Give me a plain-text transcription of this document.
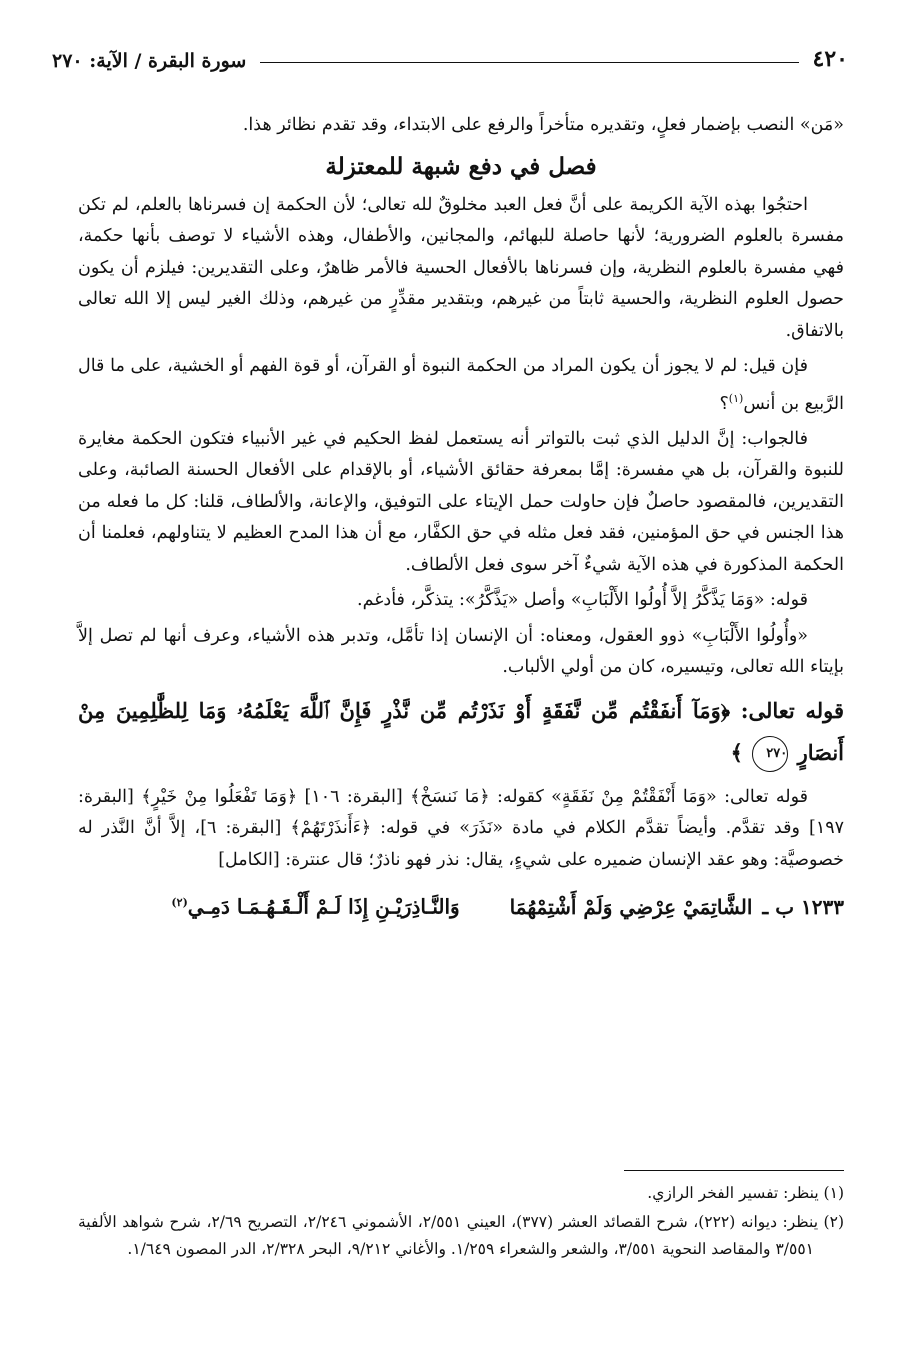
٤٢٠
سورة البقرة / الآية: ٢٧٠

«مَن» النصب بإضمار فعلٍ، وتقديره متأخراً والرفع على الابتداء، وقد تقدم نظائر هذا.

فصل في دفع شبهة للمعتزلة

احتجُوا بهذه الآية الكريمة على أنَّ فعل العبد مخلوقٌ لله تعالى؛ لأن الحكمة إن فسرناها بالعلم، لم تكن مفسرة بالعلوم الضرورية؛ لأنها حاصلة للبهائم، والمجانين، والأطفال، وهذه الأشياء لا توصف بأنها حكمة، فهي مفسرة بالعلوم النظرية، وإن فسرناها بالأفعال الحسية فالأمر ظاهرٌ، وعلى التقديرين: فيلزم أن يكون حصول العلوم النظرية، والحسية ثابتاً من غيرهم، وبتقدير مقدِّرٍ من غيرهم، وذلك الغير ليس إلا الله تعالى بالاتفاق.

فإن قيل: لم لا يجوز أن يكون المراد من الحكمة النبوة أو القرآن، أو قوة الفهم أو الخشية، على ما قال الرَّبيع بن أنس$^{(١)}$؟

فالجواب: إنَّ الدليل الذي ثبت بالتواتر أنه يستعمل لفظ الحكيم في غير الأنبياء فتكون الحكمة مغايرة للنبوة والقرآن، بل هي مفسرة: إمَّا بمعرفة حقائق الأشياء، أو بالإقدام على الأفعال الحسنة الصائبة، وعلى التقديرين، فالمقصود حاصلٌ فإن حاولت حمل الإيتاء على التوفيق، والإعانة، والألطاف، قلنا: كل ما فعله من هذا الجنس في حق المؤمنين، فقد فعل مثله في حق الكفَّار، مع أن هذا المدح العظيم لا يتناولهم، فعلمنا أن الحكمة المذكورة في هذه الآية شيءٌ آخر سوى فعل الألطاف.

قوله: «وَمَا يَذَّكَّرُ إلاَّ أُولُوا الأَلْبَابِ» وأصل «يَذَّكَّرُ»: يتذكَّر، فأدغم.

«وأُولُوا الأَلْبَابِ» ذوو العقول، ومعناه: أن الإنسان إذا تأمَّل، وتدبر هذه الأشياء، وعرف أنها لم تصل إلاَّ بإيتاء الله تعالى، وتيسيره، كان من أولي الألباب.

قوله تعالى: ﴿وَمَآ أَنفَقْتُم مِّن نَّفَقَةٍ أَوْ نَذَرْتُم مِّن نَّذْرٍ فَإِنَّ ٱللَّهَ يَعْلَمُهُۥ وَمَا لِلظَّٰلِمِينَ مِنْ أَنصَارٍ ٢٧٠ ﴾

قوله تعالى: «وَمَا أَنْفَقْتُمْ مِنْ نَفَقَةٍ» كقوله: ﴿مَا نَنسَخْ﴾ [البقرة: ١٠٦] ﴿وَمَا تَفْعَلُوا مِنْ خَيْرٍ﴾ [البقرة: ١٩٧] وقد تقدَّم. وأيضاً تقدَّم الكلام في مادة «نَذَرَ» في قوله: ﴿ءَأَنذَرْتَهُمْ﴾ [البقرة: ٦]، إلاَّ أنَّ النَّذر له خصوصيَّة: وهو عقد الإنسان ضميره على شيءٍ، يقال: نذر فهو ناذرٌ؛ قال عنترة: [الكامل]

١٢٣٣ ب ـ
الشَّاتِمَيْ عِرْضِي وَلَمْ أَشْتِمْهُمَا
وَالنَّـاذِرَيْـنِ إِذَا لَـمْ أَلْـقَـهُـمَـا دَمِـي$^{(٢)}$

(١) ينظر: تفسير الفخر الرازي.

(٢) ينظر: ديوانه (٢٢٢)، شرح القصائد العشر (٣٧٧)، العيني ٢/٥٥١، الأشموني ٢/٢٤٦، التصريح ٢/٦٩، شرح شواهد الألفية ٣/٥٥١ والمقاصد النحوية ٣/٥٥١، والشعر والشعراء ١/٢٥٩. والأغاني ٩/٢١٢، البحر ٢/٣٢٨، الدر المصون ١/٦٤٩.
